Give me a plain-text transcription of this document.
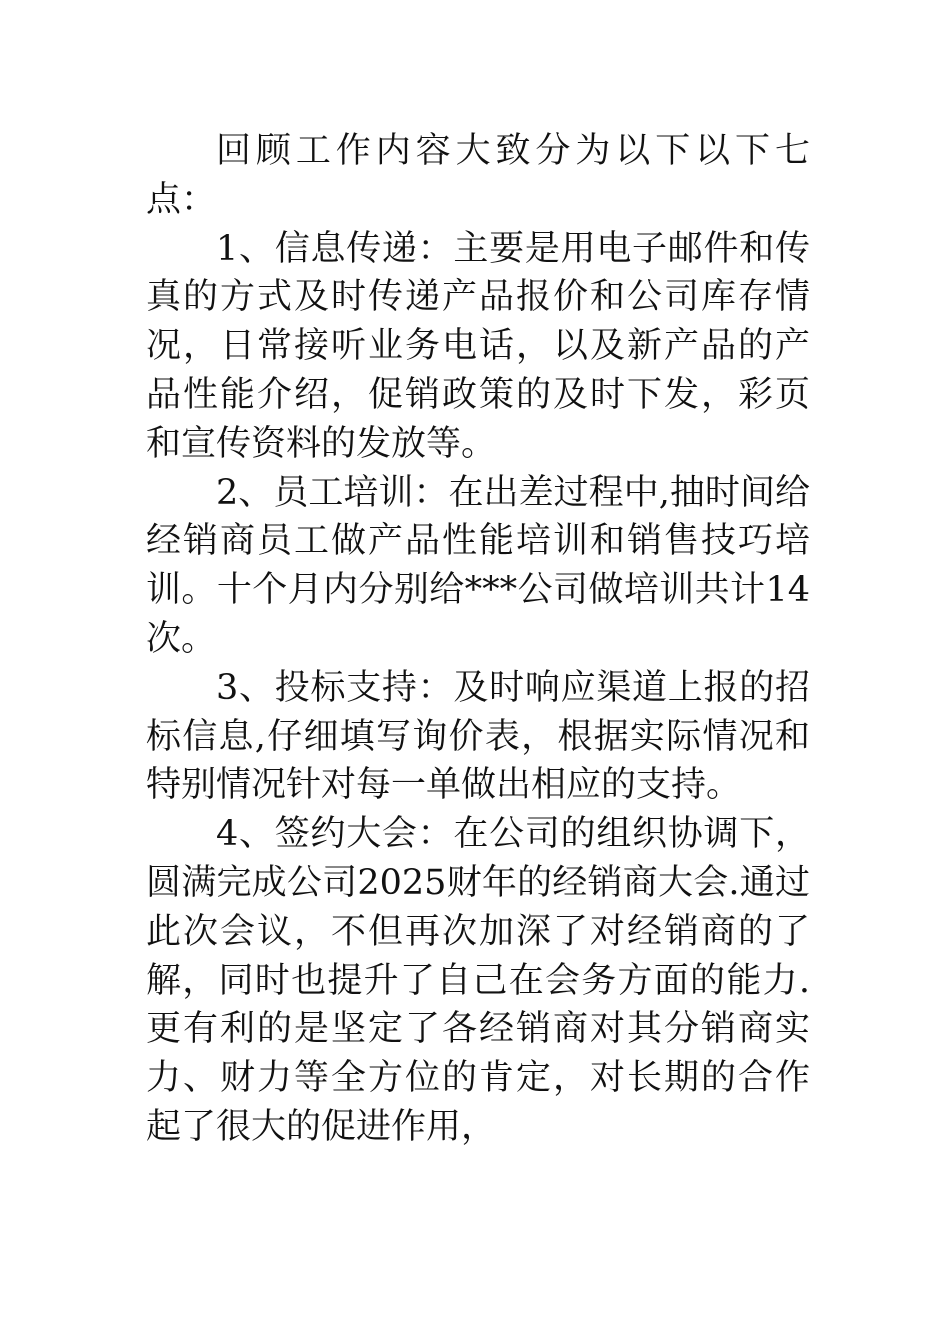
回顾工作内容大致分为以下以下七点：

1、信息传递：主要是用电子邮件和传真的方式及时传递产品报价和公司库存情况，日常接听业务电话，以及新产品的产品性能介绍，促销政策的及时下发，彩页和宣传资料的发放等。

2、员工培训：在出差过程中,抽时间给经销商员工做产品性能培训和销售技巧培训。十个月内分别给***公司做培训共计14次。

3、投标支持：及时响应渠道上报的招标信息,仔细填写询价表，根据实际情况和特别情况针对每一单做出相应的支持。

4、签约大会：在公司的组织协调下，圆满完成公司2025财年的经销商大会.通过此次会议，不但再次加深了对经销商的了解，同时也提升了自己在会务方面的能力.更有利的是坚定了各经销商对其分销商实力、财力等全方位的肯定，对长期的合作起了很大的促进作用，
